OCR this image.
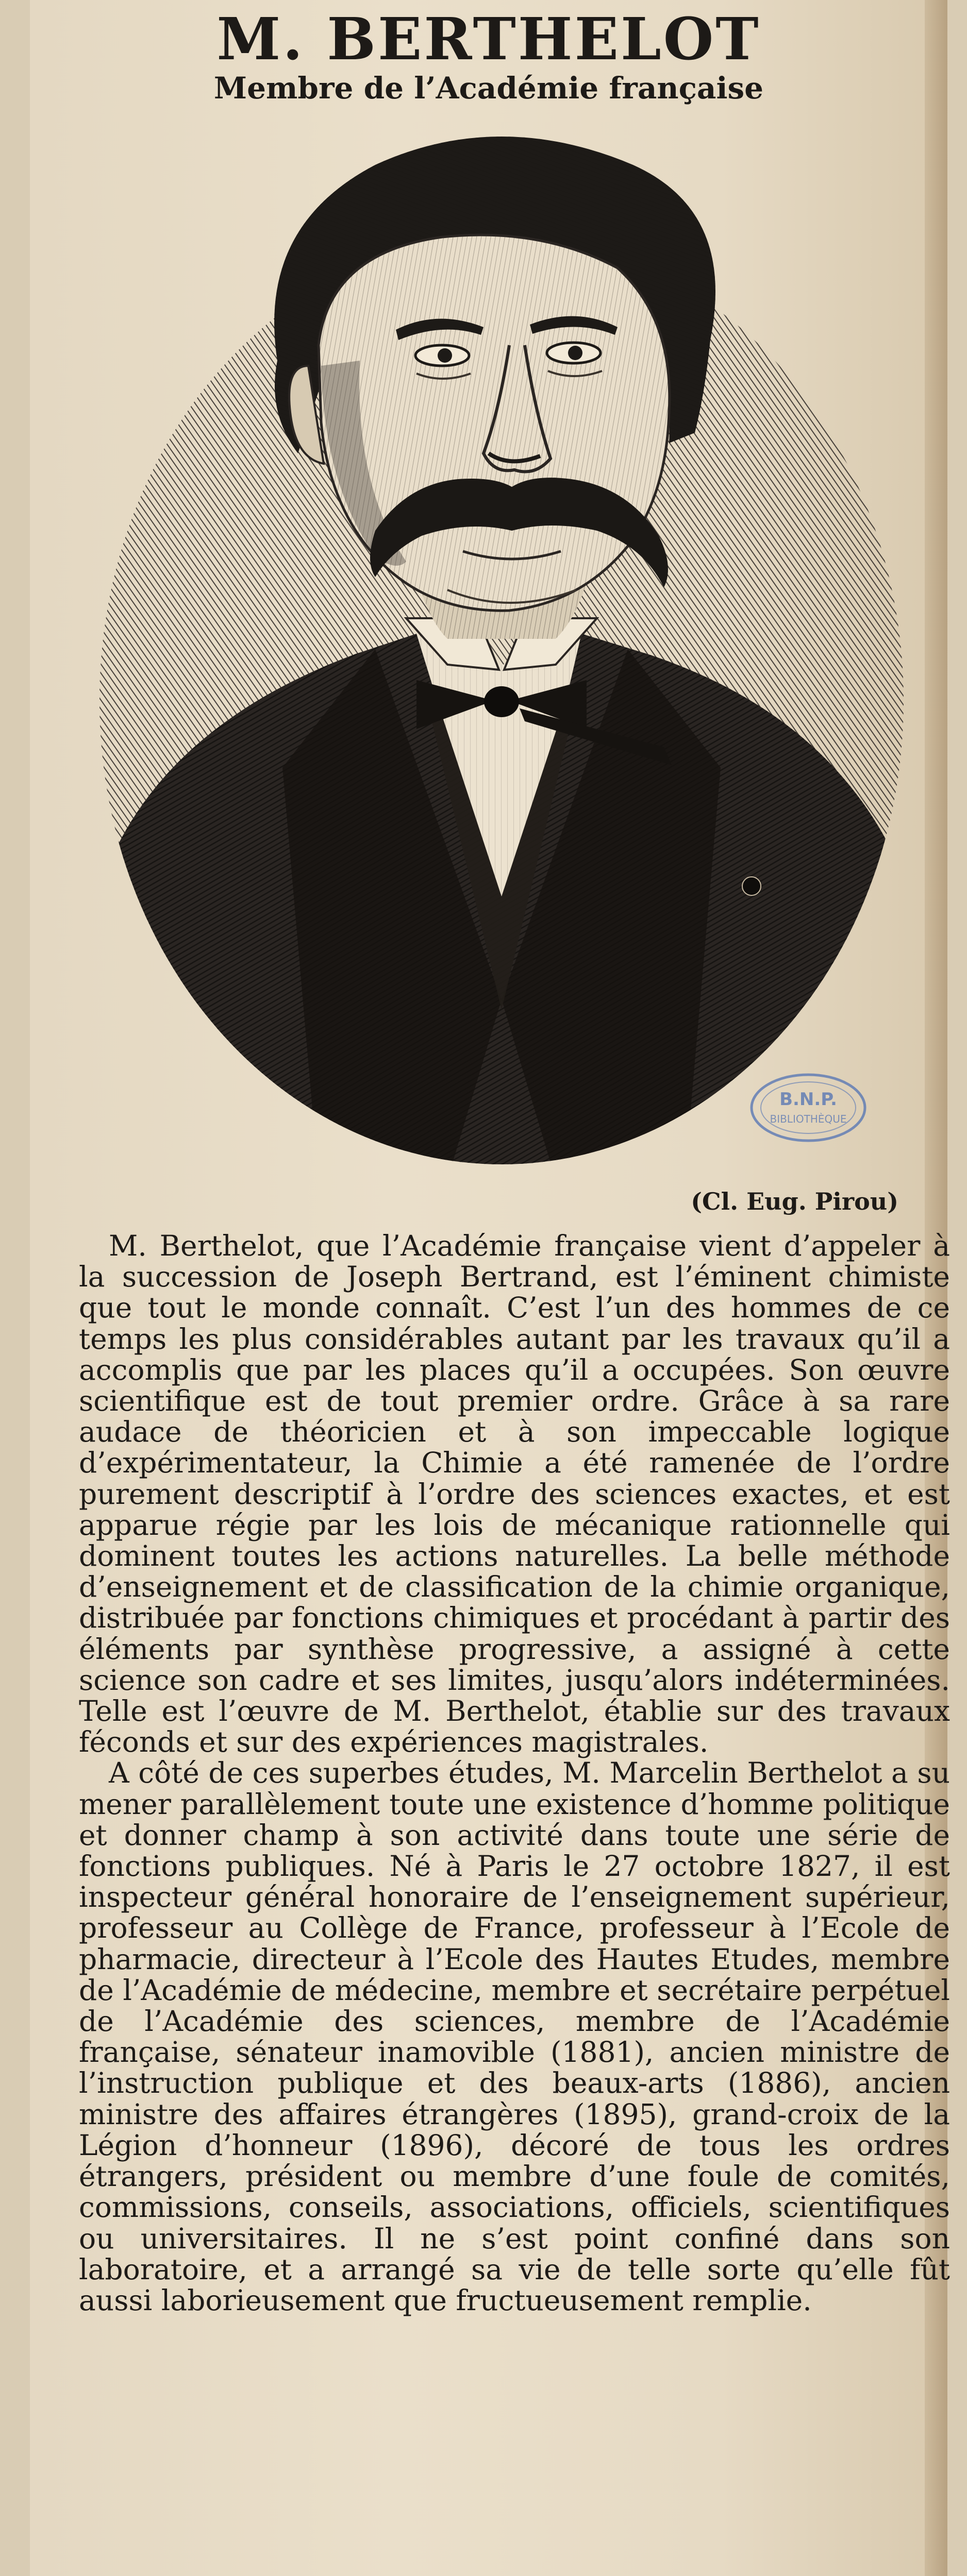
M. BERTHELOT
Membre de l’Académie française
B.N.P.
BIBLIOTHÈQUE
(Cl. Eug. Pirou)

M. Berthelot, que l’Académie française vient d’appeler à la succession de Joseph Bertrand, est l’éminent chimiste que tout le monde connaît. C’est l’un des hommes de ce temps les plus considérables autant par les travaux qu’il a accomplis que par les places qu’il a occupées. Son œuvre scientifique est de tout premier ordre. Grâce à sa rare audace de théoricien et à son impeccable logique d’expérimentateur, la Chimie a été ramenée de l’ordre purement descriptif à l’ordre des sciences exactes, et est apparue régie par les lois de mécanique rationnelle qui dominent toutes les actions naturelles. La belle méthode d’enseignement et de classification de la chimie organique, distribuée par fonctions chimiques et procédant à partir des éléments par synthèse progressive, a assigné à cette science son cadre et ses limites, jusqu’alors indéterminées. Telle est l’œuvre de M. Berthelot, établie sur des travaux féconds et sur des expériences magistrales.

A côté de ces superbes études, M. Marcelin Berthelot a su mener parallèlement toute une existence d’homme politique et donner champ à son activité dans toute une série de fonctions publiques. Né à Paris le 27 octobre 1827, il est inspecteur général honoraire de l’enseignement supérieur, professeur au Collège de France, professeur à l’Ecole de pharmacie, directeur à l’Ecole des Hautes Etudes, membre de l’Académie de médecine, membre et secrétaire perpétuel de l’Académie des sciences, membre de l’Académie française, sénateur inamovible (1881), ancien ministre de l’instruction publique et des beaux-arts (1886), ancien ministre des affaires étrangères (1895), grand-croix de la Légion d’honneur (1896), décoré de tous les ordres étrangers, président ou membre d’une foule de comités, commissions, conseils, associations, officiels, scientifiques ou universitaires. Il ne s’est point confiné dans son laboratoire, et a arrangé sa vie de telle sorte qu’elle fût aussi laborieusement que fructueusement remplie.
